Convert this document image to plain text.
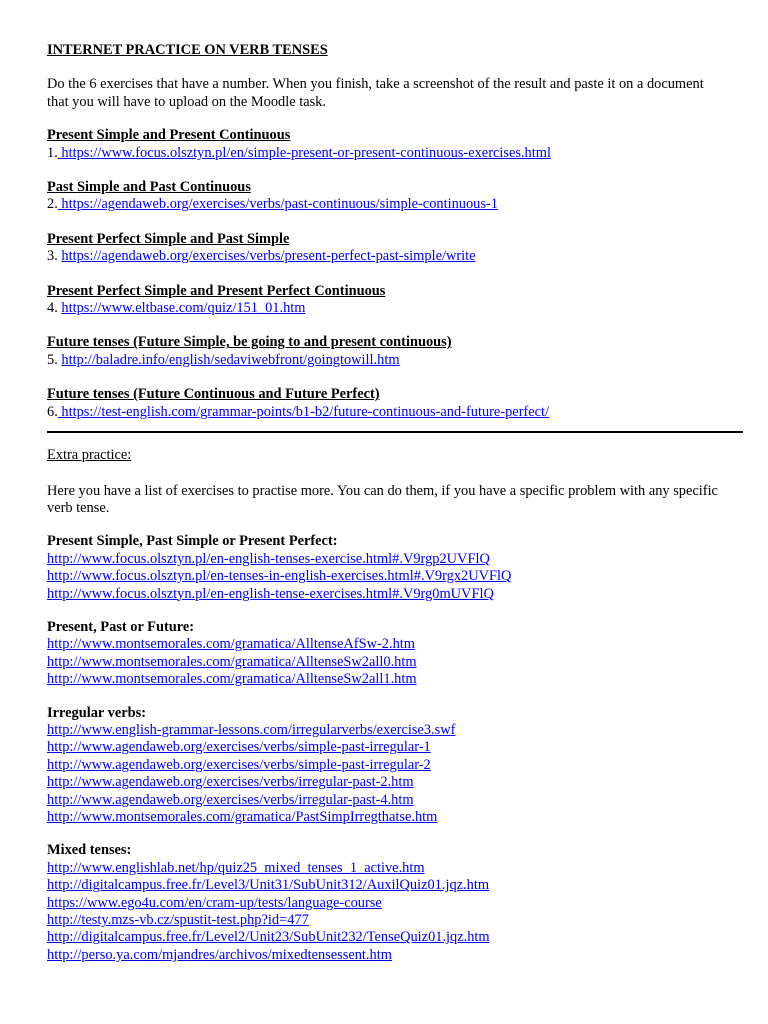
INTERNET PRACTICE ON VERB TENSES

Do the 6 exercises that have a number. When you finish, take a screenshot of the result and paste it on a document that you will have to upload on the Moodle task.

Present Simple and Present Continuous

1. https://www.focus.olsztyn.pl/en/simple-present-or-present-continuous-exercises.html

Past Simple and Past Continuous

2. https://agendaweb.org/exercises/verbs/past-continuous/simple-continuous-1

Present Perfect Simple and Past Simple

3. https://agendaweb.org/exercises/verbs/present-perfect-past-simple/write

Present Perfect Simple and Present Perfect Continuous

4. https://www.eltbase.com/quiz/151_01.htm

Future tenses (Future Simple, be going to and present continuous)

5. http://baladre.info/english/sedaviwebfront/goingtowill.htm

Future tenses (Future Continuous and Future Perfect)

6. https://test-english.com/grammar-points/b1-b2/future-continuous-and-future-perfect/

Extra practice:

Here you have a list of exercises to practise more. You can do them, if you have a specific problem with any specific verb tense.

Present Simple, Past Simple or Present Perfect:

http://www.focus.olsztyn.pl/en-english-tenses-exercise.html#.V9rgp2UVFlQ

http://www.focus.olsztyn.pl/en-tenses-in-english-exercises.html#.V9rgx2UVFlQ

http://www.focus.olsztyn.pl/en-english-tense-exercises.html#.V9rg0mUVFlQ

Present, Past or Future:

http://www.montsemorales.com/gramatica/AlltenseAfSw-2.htm

http://www.montsemorales.com/gramatica/AlltenseSw2all0.htm

http://www.montsemorales.com/gramatica/AlltenseSw2all1.htm

Irregular verbs:

http://www.english-grammar-lessons.com/irregularverbs/exercise3.swf

http://www.agendaweb.org/exercises/verbs/simple-past-irregular-1

http://www.agendaweb.org/exercises/verbs/simple-past-irregular-2

http://www.agendaweb.org/exercises/verbs/irregular-past-2.htm

http://www.agendaweb.org/exercises/verbs/irregular-past-4.htm

http://www.montsemorales.com/gramatica/PastSimpIrregthatse.htm

Mixed tenses:

http://www.englishlab.net/hp/quiz25_mixed_tenses_1_active.htm

http://digitalcampus.free.fr/Level3/Unit31/SubUnit312/AuxilQuiz01.jqz.htm

https://www.ego4u.com/en/cram-up/tests/language-course

http://testy.mzs-vb.cz/spustit-test.php?id=477

http://digitalcampus.free.fr/Level2/Unit23/SubUnit232/TenseQuiz01.jqz.htm

http://perso.ya.com/mjandres/archivos/mixedtensessent.htm
